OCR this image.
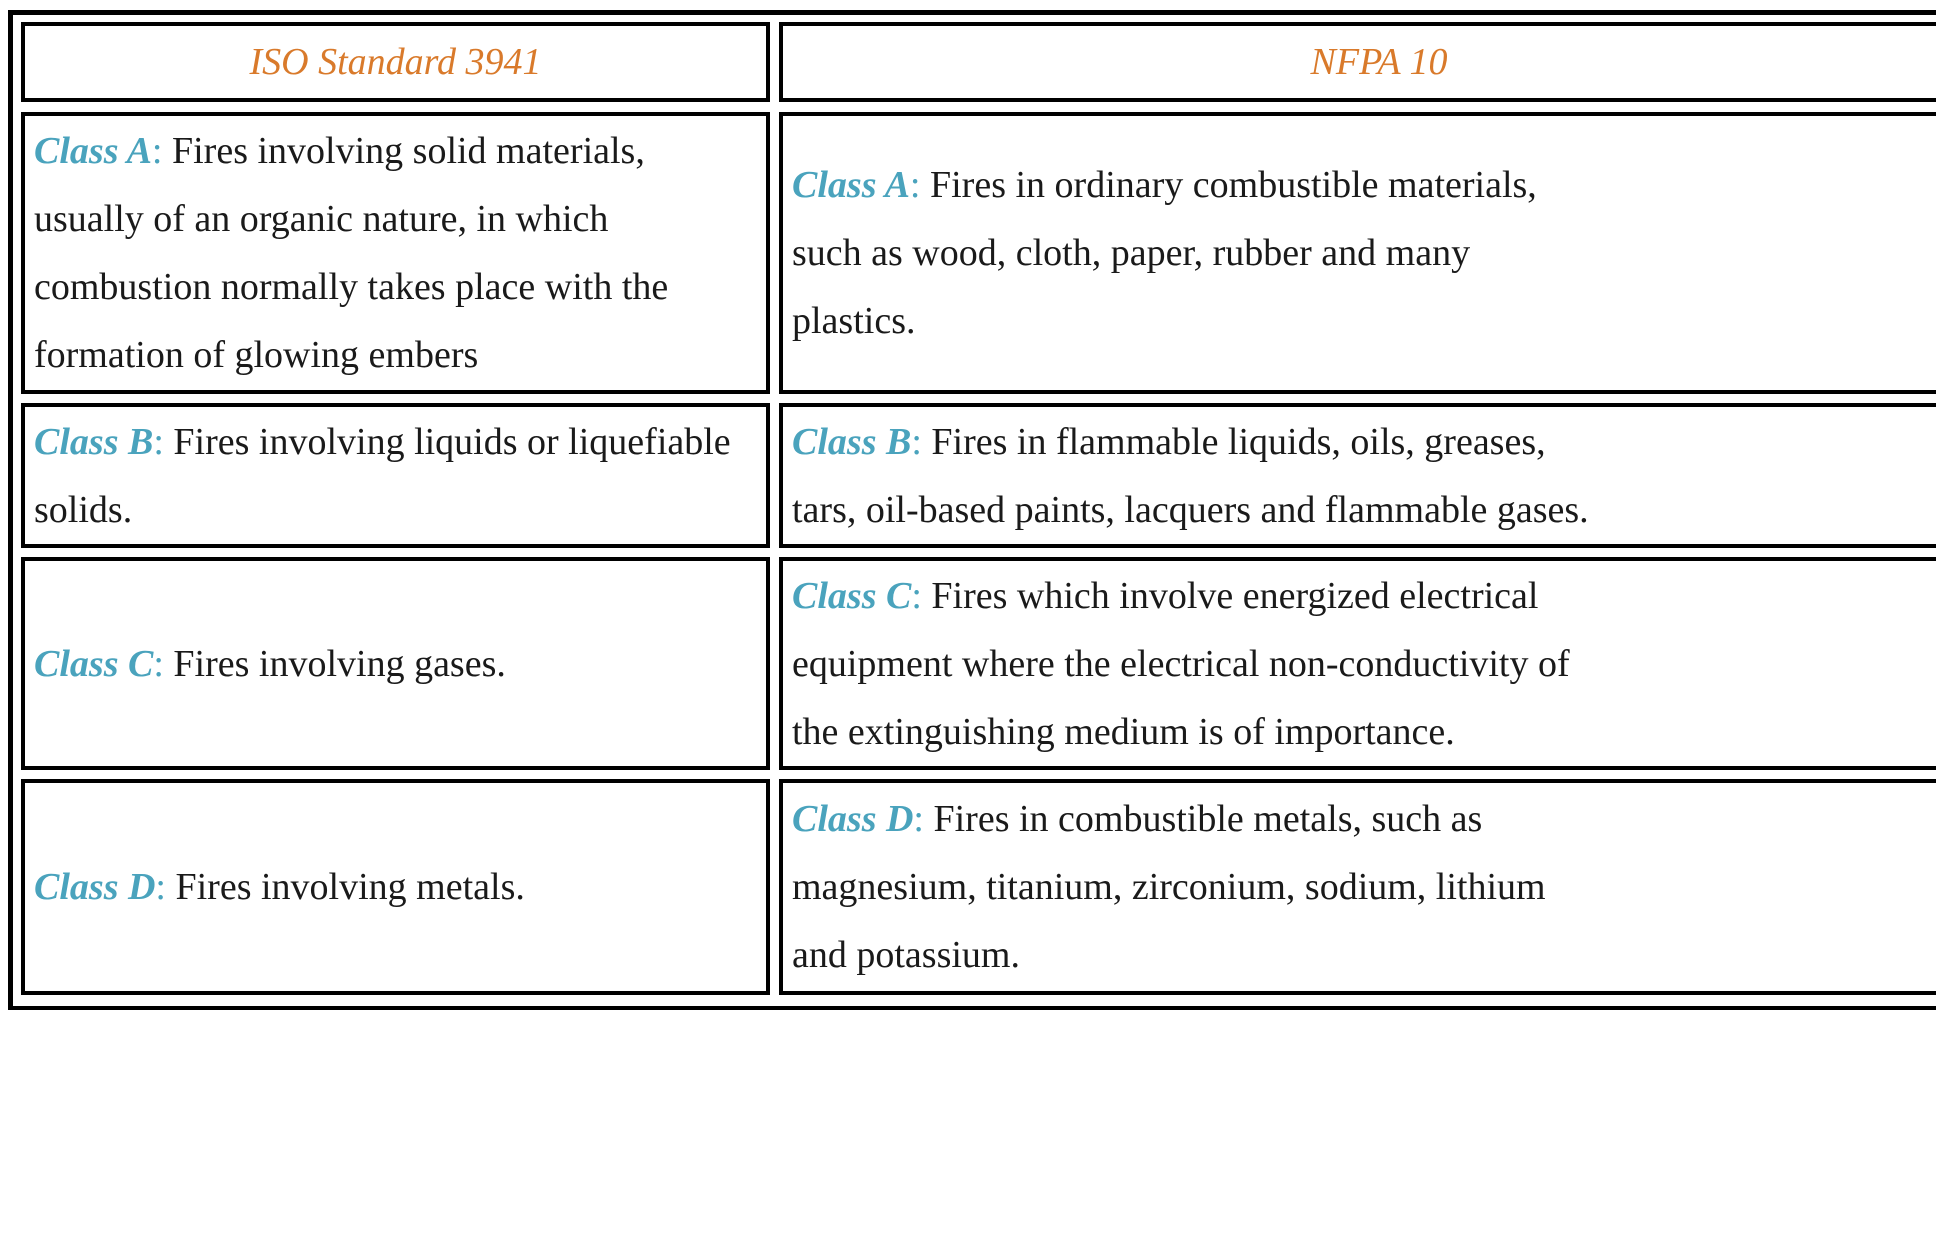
ISO Standard 3941	NFPA 10

Class A: Fires involving solid materials,

usually of an organic nature, in which

combustion normally takes place with the

formation of glowing embers

Class A: Fires in ordinary combustible materials,

such as wood, cloth, paper, rubber and many

plastics.

Class B: Fires involving liquids or liquefiable

solids.

Class B: Fires in flammable liquids, oils, greases,

tars, oil-based paints, lacquers and flammable gases.

Class C: Fires involving gases.

Class C: Fires which involve energized electrical

equipment where the electrical non-conductivity of

the extinguishing medium is of importance.

Class D: Fires involving metals.

Class D: Fires in combustible metals, such as

magnesium, titanium, zirconium, sodium, lithium

and potassium.
